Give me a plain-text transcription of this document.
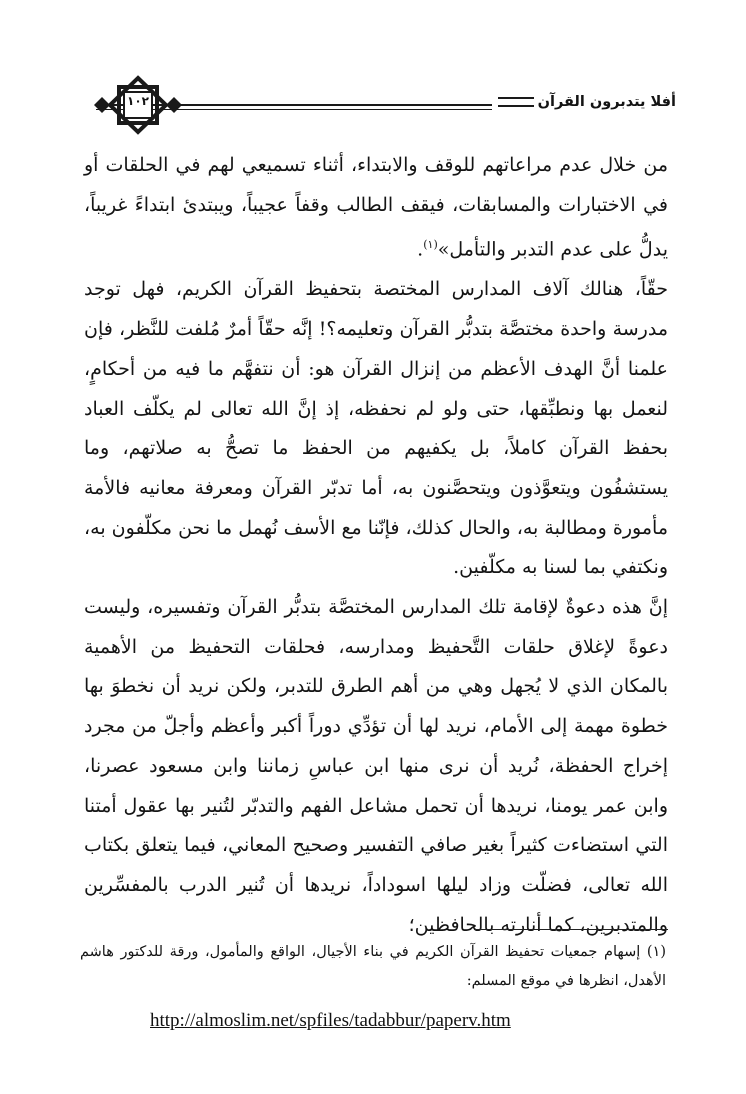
أفلا يتدبرون القرآن
١٠٢

من خلال عدم مراعاتهم للوقف والابتداء، أثناء تسميعي لهم في الحلقات أو في الاختبارات والمسابقات، فيقف الطالب وقفاً عجيباً، ويبتدئ ابتداءً غريباً، يدلُّ على عدم التدبر والتأمل»$^{(١)}$.

حقّاً، هنالك آلاف المدارس المختصة بتحفيظ القرآن الكريم، فهل توجد مدرسة واحدة مختصَّة بتدبُّر القرآن وتعليمه؟! إنَّه حقّاً أمرٌ مُلفت للنَّظر، فإن علمنا أنَّ الهدف الأعظم من إنزال القرآن هو: أن نتفهَّم ما فيه من أحكامٍ، لنعمل بها ونطبِّقها، حتى ولو لم نحفظه، إذ إنَّ الله تعالى لم يكلّف العباد بحفظ القرآن كاملاً، بل يكفيهم من الحفظ ما تصحُّ به صلاتهم، وما يستشفُون ويتعوَّذون ويتحصَّنون به، أما تدبّر القرآن ومعرفة معانيه فالأمة مأمورة ومطالبة به، والحال كذلك، فإنّنا مع الأسف نُهمل ما نحن مكلّفون به، ونكتفي بما لسنا به مكلّفين.

إنَّ هذه دعوةٌ لإقامة تلك المدارس المختصَّة بتدبُّر القرآن وتفسيره، وليست دعوةً لإغلاق حلقات التَّحفيظ ومدارسه، فحلقات التحفيظ من الأهمية بالمكان الذي لا يُجهل وهي من أهم الطرق للتدبر، ولكن نريد أن نخطوَ بها خطوة مهمة إلى الأمام، نريد لها أن تؤدِّي دوراً أكبر وأعظم وأجلّ من مجرد إخراج الحفظة، نُريد أن نرى منها ابن عباسِ زماننا وابن مسعود عصرنا، وابن عمر يومنا، نريدها أن تحمل مشاعل الفهم والتدبّر لتُنير بها عقول أمتنا التي استضاءت كثيراً بغير صافي التفسير وصحيح المعاني، فيما يتعلق بكتاب الله تعالى، فضلّت وزاد ليلها اسوداداً، نريدها أن تُنير الدرب بالمفسِّرين والمتدبرين، كما أنارته بالحافظين؛

(١) إسهام جمعيات تحفيظ القرآن الكريم في بناء الأجيال، الواقع والمأمول، ورقة للدكتور هاشم الأهدل، انظرها في موقع المسلم:

http://almoslim.net/spfiles/tadabbur/paperv.htm
